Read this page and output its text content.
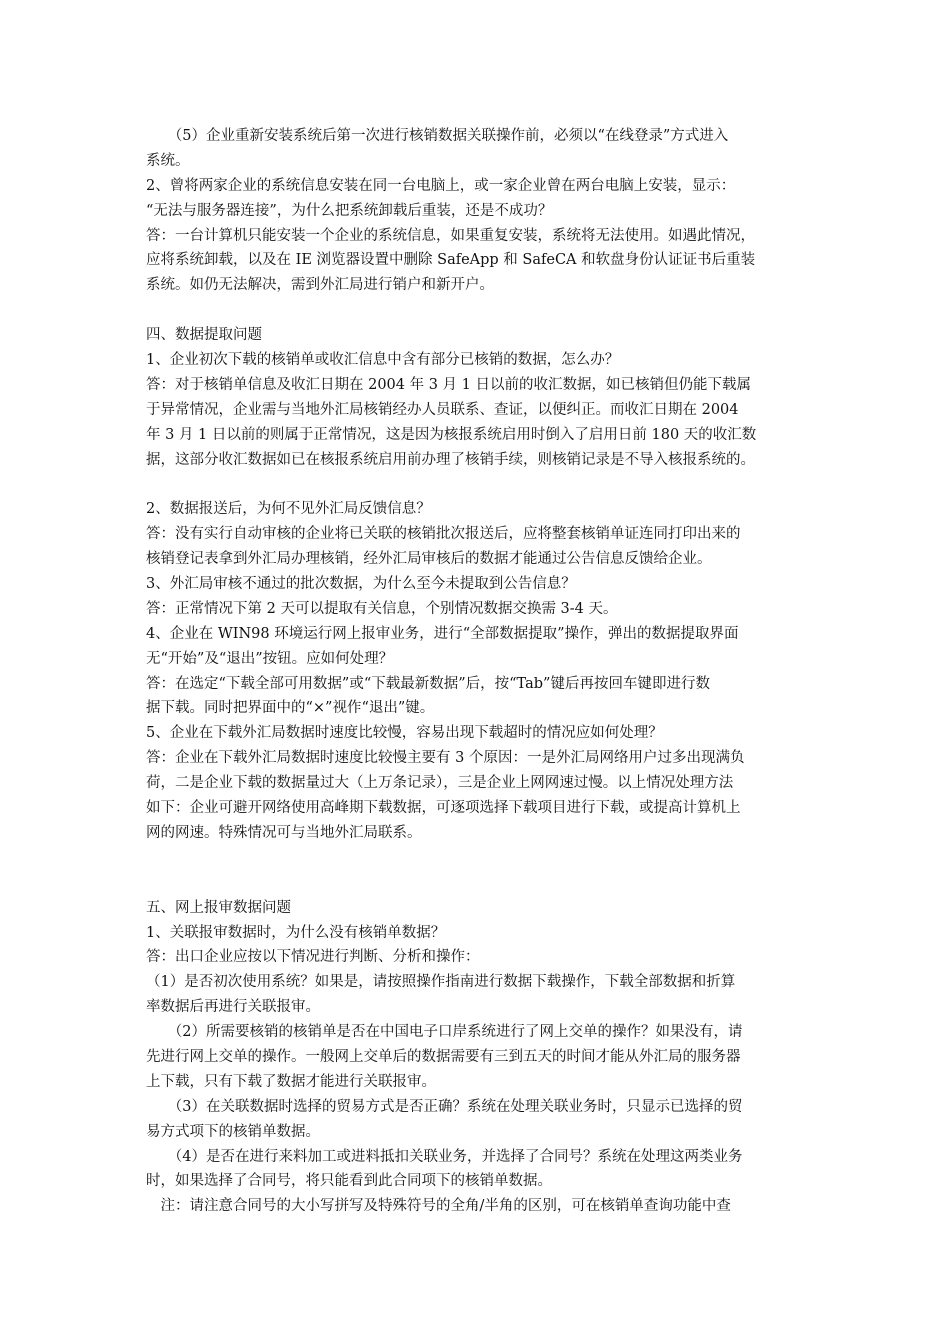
　　（5）企业重新安装系统后第一次进行核销数据关联操作前，必须以“在线登录”方式进入
系统。
2、曾将两家企业的系统信息安装在同一台电脑上，或一家企业曾在两台电脑上安装，显示：
“无法与服务器连接”，为什么把系统卸载后重装，还是不成功？
答：一台计算机只能安装一个企业的系统信息，如果重复安装，系统将无法使用。如遇此情况，
应将系统卸载，以及在 IE 浏览器设置中删除 SafeApp 和 SafeCA 和软盘身份认证证书后重装
系统。如仍无法解决，需到外汇局进行销户和新开户。
四、数据提取问题
1、企业初次下载的核销单或收汇信息中含有部分已核销的数据，怎么办？
答：对于核销单信息及收汇日期在 2004 年 3 月 1 日以前的收汇数据，如已核销但仍能下载属
于异常情况，企业需与当地外汇局核销经办人员联系、查证，以便纠正。而收汇日期在 2004
年 3 月 1 日以前的则属于正常情况，这是因为核报系统启用时倒入了启用日前 180 天的收汇数
据，这部分收汇数据如已在核报系统启用前办理了核销手续，则核销记录是不导入核报系统的。
2、数据报送后，为何不见外汇局反馈信息？
答：没有实行自动审核的企业将已关联的核销批次报送后，应将整套核销单证连同打印出来的
核销登记表拿到外汇局办理核销，经外汇局审核后的数据才能通过公告信息反馈给企业。
3、外汇局审核不通过的批次数据，为什么至今未提取到公告信息？
答：正常情况下第 2 天可以提取有关信息，个别情况数据交换需 3-4 天。
4、企业在 WIN98 环境运行网上报审业务，进行“全部数据提取”操作，弹出的数据提取界面
无“开始”及“退出”按钮。应如何处理？
答：在选定“下载全部可用数据”或“下载最新数据”后，按“Tab”键后再按回车键即进行数
据下载。同时把界面中的“×”视作“退出”键。
5、企业在下载外汇局数据时速度比较慢，容易出现下载超时的情况应如何处理？
答：企业在下载外汇局数据时速度比较慢主要有 3 个原因：一是外汇局网络用户过多出现满负
荷，二是企业下载的数据量过大（上万条记录），三是企业上网网速过慢。以上情况处理方法
如下：企业可避开网络使用高峰期下载数据，可逐项选择下载项目进行下载，或提高计算机上
网的网速。特殊情况可与当地外汇局联系。
五、网上报审数据问题
1、关联报审数据时，为什么没有核销单数据？
答：出口企业应按以下情况进行判断、分析和操作：
（1）是否初次使用系统？如果是，请按照操作指南进行数据下载操作，下载全部数据和折算
率数据后再进行关联报审。
　　（2）所需要核销的核销单是否在中国电子口岸系统进行了网上交单的操作？如果没有，请
先进行网上交单的操作。一般网上交单后的数据需要有三到五天的时间才能从外汇局的服务器
上下载，只有下载了数据才能进行关联报审。
　　（3）在关联数据时选择的贸易方式是否正确？系统在处理关联业务时，只显示已选择的贸
易方式项下的核销单数据。
　　（4）是否在进行来料加工或进料抵扣关联业务，并选择了合同号？系统在处理这两类业务
时，如果选择了合同号，将只能看到此合同项下的核销单数据。
　注：请注意合同号的大小写拼写及特殊符号的全角/半角的区别，可在核销单查询功能中查
